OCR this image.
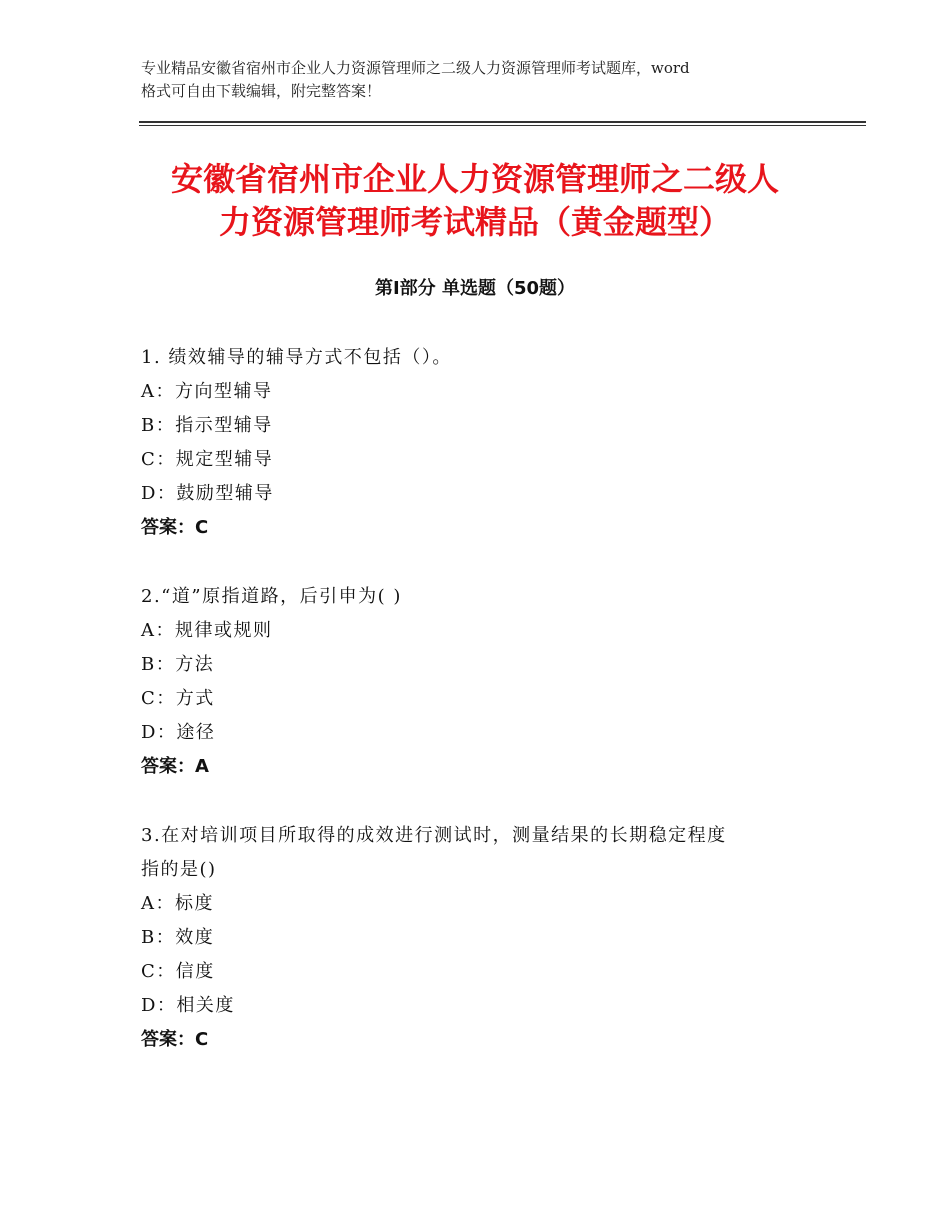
专业精品安徽省宿州市企业人力资源管理师之二级人力资源管理师考试题库，word
格式可自由下载编辑，附完整答案！
安徽省宿州市企业人力资源管理师之二级人
力资源管理师考试精品（黄金题型）
第Ⅰ部分 单选题（50题）
1. 绩效辅导的辅导方式不包括（）。
A：方向型辅导
B：指示型辅导
C：规定型辅导
D：鼓励型辅导
答案：C
2.“道”原指道路，后引申为( )
A：规律或规则
B：方法
C：方式
D：途径
答案：A
3.在对培训项目所取得的成效进行测试时，测量结果的长期稳定程度
指的是()
A：标度
B：效度
C：信度
D：相关度
答案：C
